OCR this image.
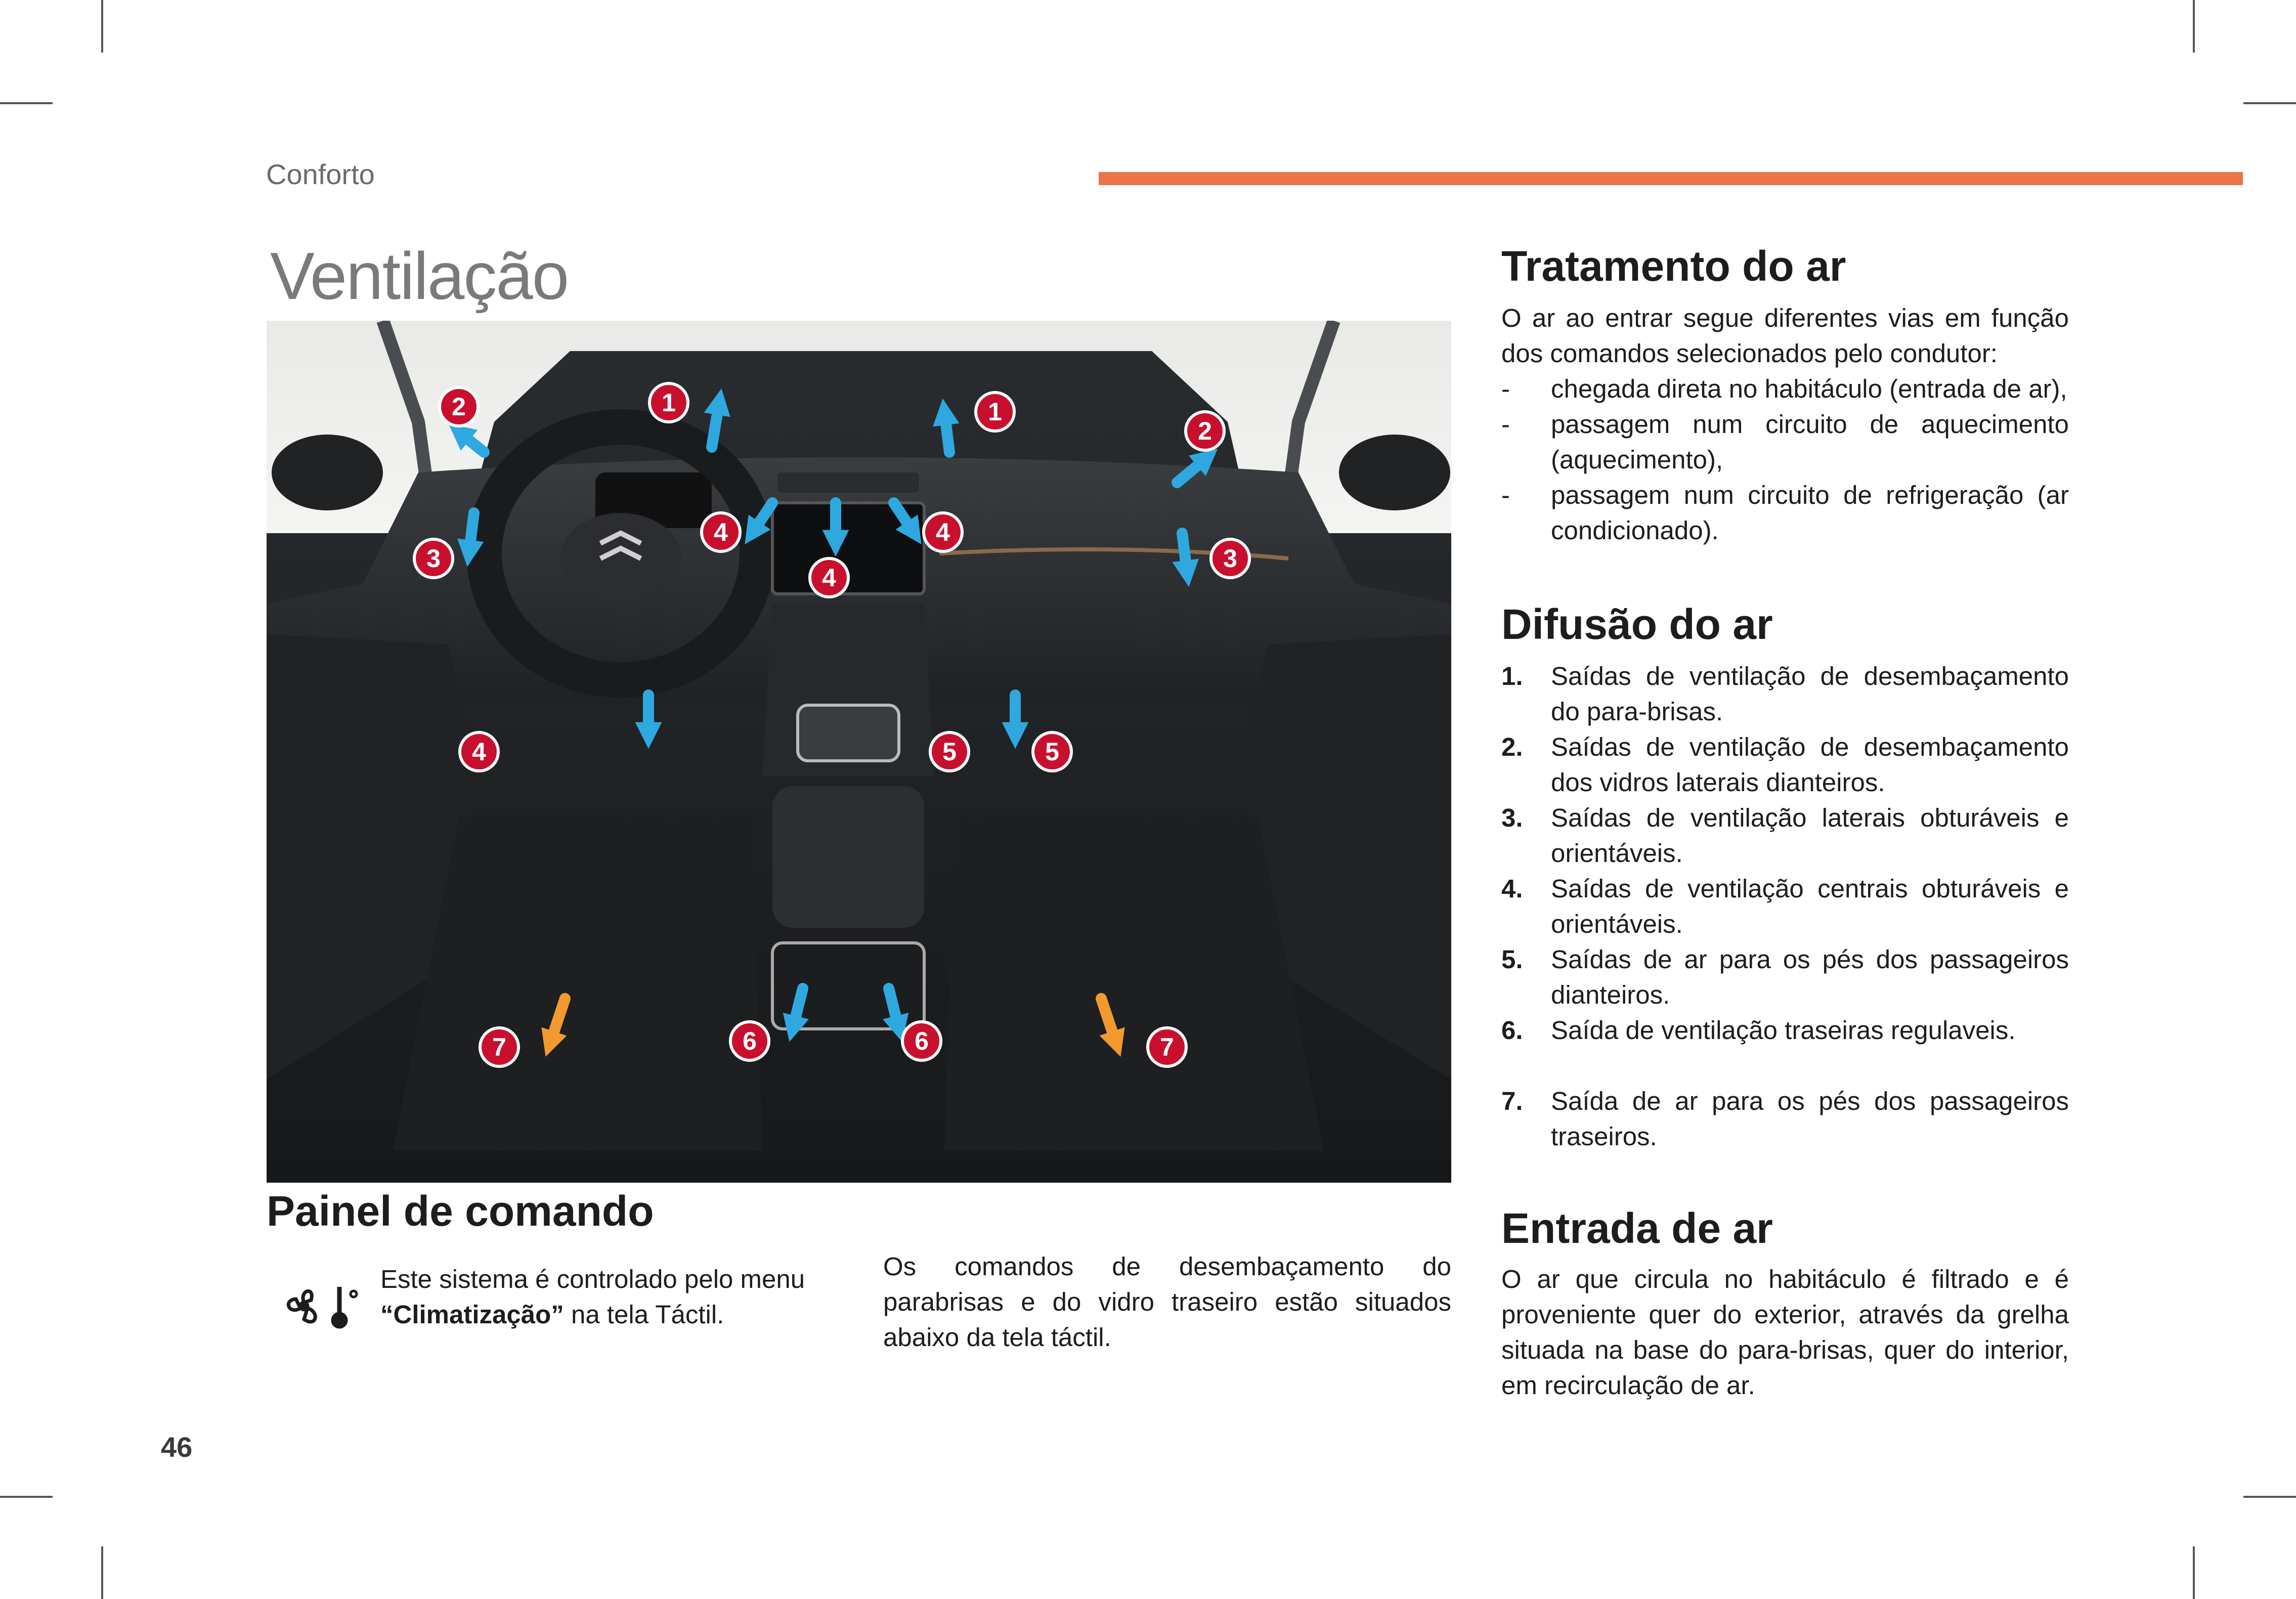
Conforto
Ventilação
1	1
2
2
3	3
4
4
4
4	5	5
6	6
7	7
Tratamento do ar

O ar ao entrar segue diferentes vias em função dos comandos selecionados pelo condutor:

- chegada direta no habitáculo (entrada de ar),
- passagem num circuito de aquecimento (aquecimento),
- passagem num circuito de refrigeração (ar condicionado).
Difusão do ar
1. Saídas de ventilação de desembaçamento do para-brisas.
2. Saídas de ventilação de desembaçamento dos vidros laterais dianteiros.
3. Saídas de ventilação laterais obturáveis e orientáveis.
4. Saídas de ventilação centrais obturáveis e orientáveis.
5. Saídas de ar para os pés dos passageiros dianteiros.
6. Saída de ventilação traseiras regulaveis.
7. Saída de ar para os pés dos passageiros traseiros.
Entrada de ar

O ar que circula no habitáculo é filtrado e é proveniente quer do exterior, através da grelha situada na base do para-brisas, quer do interior, em recirculação de ar.

Painel de comando

Este sistema é controlado pelo menu “Climatização” na tela Táctil.

Os comandos de desembaçamento do parabrisas e do vidro traseiro estão situados abaixo da tela táctil.

46
